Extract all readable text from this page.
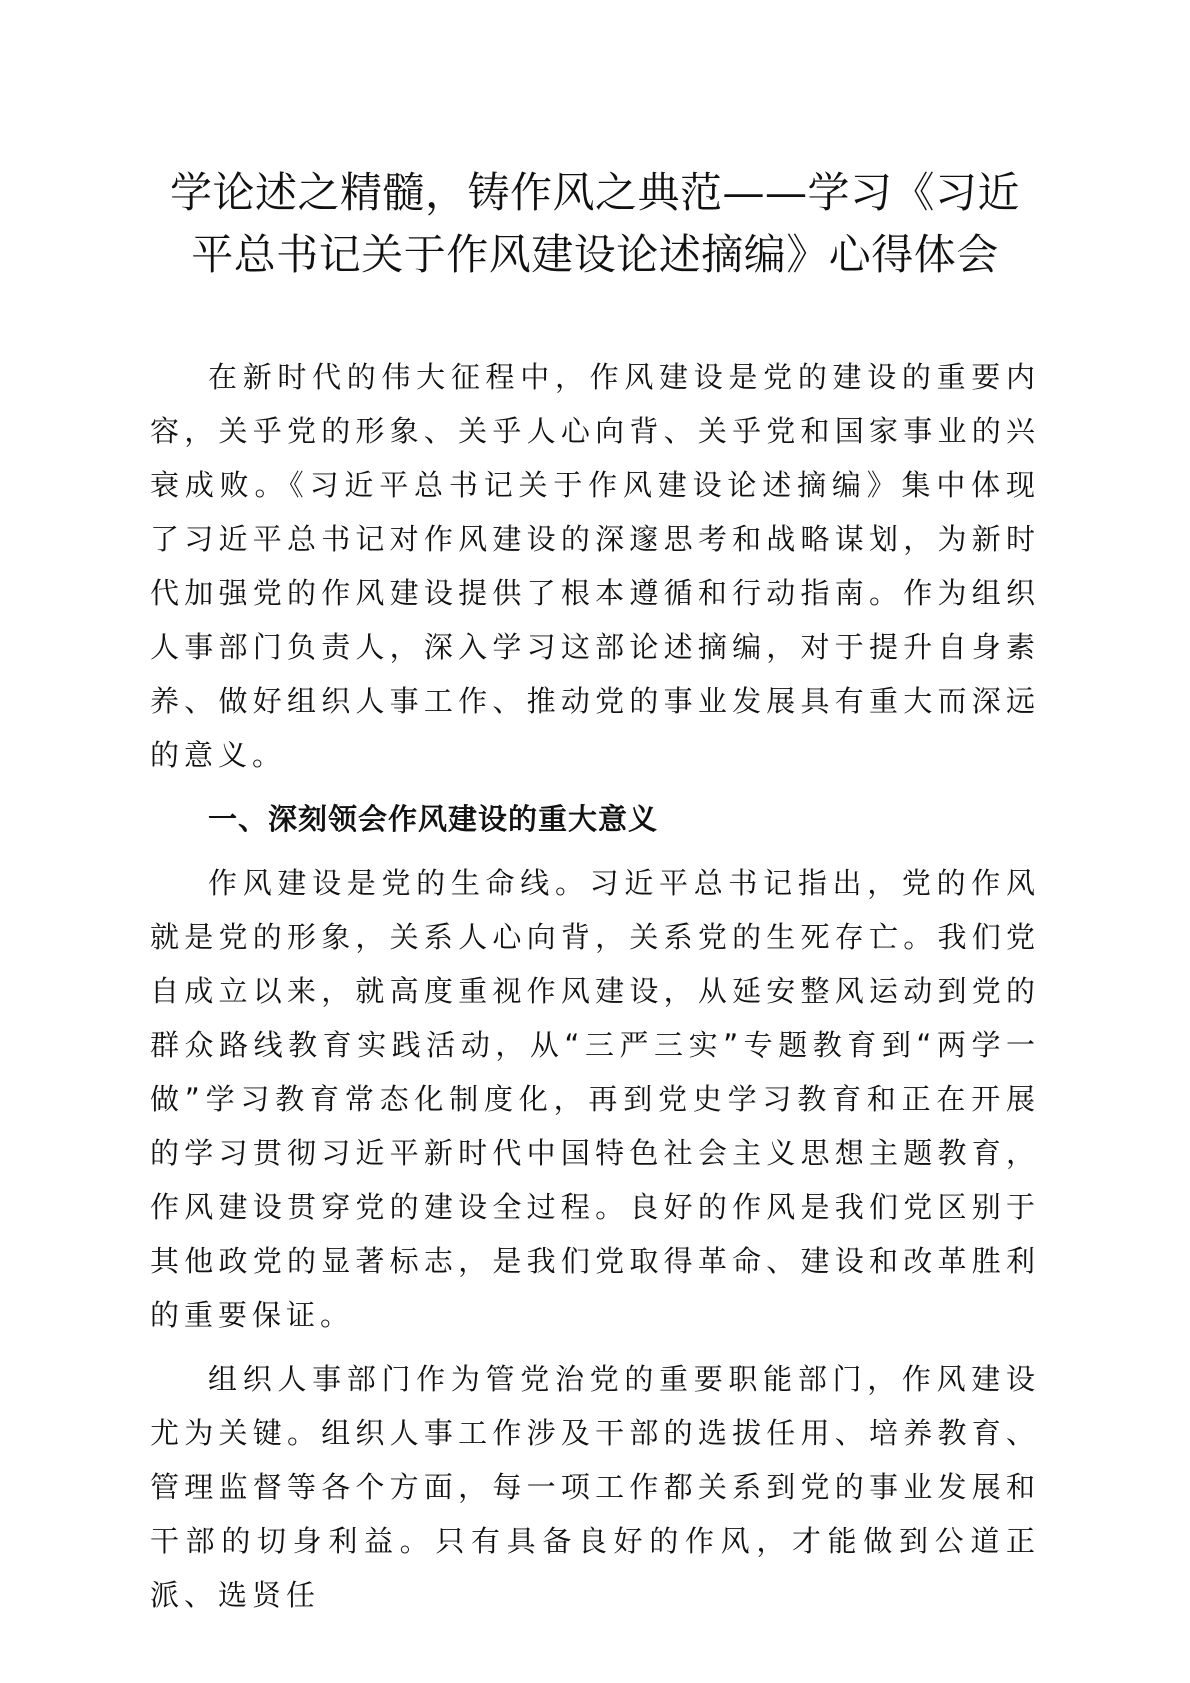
学论述之精髓，铸作风之典范——学习《习近
平总书记关于作风建设论述摘编》心得体会

在新时代的伟大征程中，作风建设是党的建设的重要内容，关乎党的形象、关乎人心向背、关乎党和国家事业的兴衰成败。《习近平总书记关于作风建设论述摘编》集中体现了习近平总书记对作风建设的深邃思考和战略谋划，为新时代加强党的作风建设提供了根本遵循和行动指南。作为组织人事部门负责人，深入学习这部论述摘编，对于提升自身素养、做好组织人事工作、推动党的事业发展具有重大而深远的意义。

一、深刻领会作风建设的重大意义

作风建设是党的生命线。习近平总书记指出，党的作风就是党的形象，关系人心向背，关系党的生死存亡。我们党自成立以来，就高度重视作风建设，从延安整风运动到党的群众路线教育实践活动，从“三严三实”专题教育到“两学一做”学习教育常态化制度化，再到党史学习教育和正在开展的学习贯彻习近平新时代中国特色社会主义思想主题教育，作风建设贯穿党的建设全过程。良好的作风是我们党区别于其他政党的显著标志，是我们党取得革命、建设和改革胜利的重要保证。

组织人事部门作为管党治党的重要职能部门，作风建设尤为关键。组织人事工作涉及干部的选拔任用、培养教育、管理监督等各个方面，每一项工作都关系到党的事业发展和干部的切身利益。只有具备良好的作风，才能做到公道正派、选贤任
